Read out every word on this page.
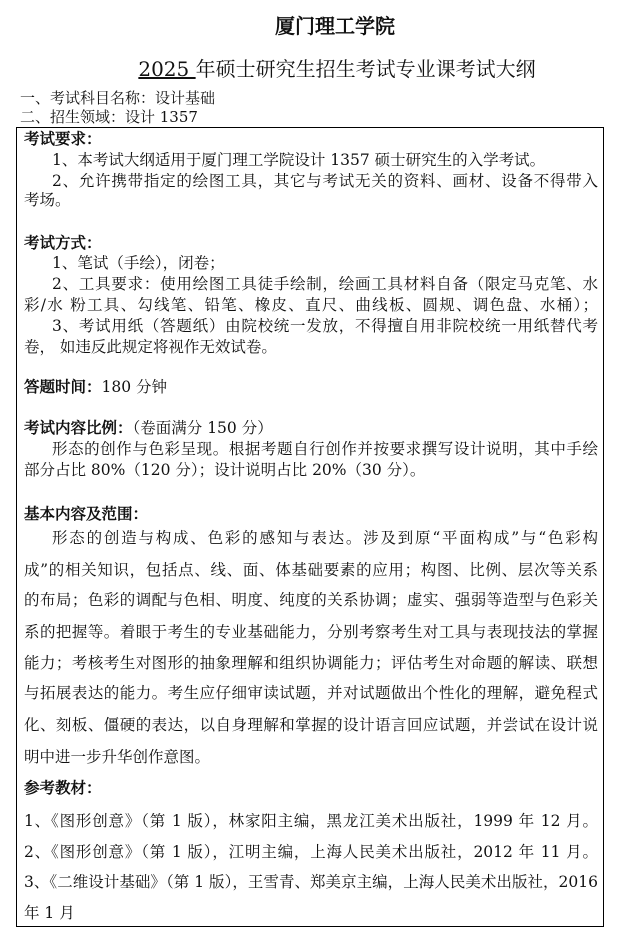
厦门理工学院
2025 年硕士研究生招生考试专业课考试大纲
一、考试科目名称：设计基础
二、招生领域：设计 1357
考试要求：
1、本考试大纲适用于厦门理工学院设计 1357 硕士研究生的入学考试。
2、允许携带指定的绘图工具，其它与考试无关的资料、画材、设备不得带入
考场。
考试方式：
1、笔试（手绘），闭卷；
2、工具要求：使用绘图工具徒手绘制，绘画工具材料自备（限定马克笔、水
彩/水 粉工具、勾线笔、铅笔、橡皮、直尺、曲线板、圆规、调色盘、水桶）；
3、考试用纸（答题纸）由院校统一发放，不得擅自用非院校统一用纸替代考
卷， 如违反此规定将视作无效试卷。
形态的创作与色彩呈现。根据考题自行创作并按要求撰写设计说明，其中手绘
部分占比 80%（120 分）；设计说明占比 20%（30 分）。
基本内容及范围：
形态的创造与构成、色彩的感知与表达。涉及到原“平面构成”与“色彩构
成”的相关知识，包括点、线、面、体基础要素的应用；构图、比例、层次等关系
的布局；色彩的调配与色相、明度、纯度的关系协调；虚实、强弱等造型与色彩关
系的把握等。着眼于考生的专业基础能力，分别考察考生对工具与表现技法的掌握
能力；考核考生对图形的抽象理解和组织协调能力；评估考生对命题的解读、联想
与拓展表达的能力。考生应仔细审读试题，并对试题做出个性化的理解，避免程式
化、刻板、僵硬的表达，以自身理解和掌握的设计语言回应试题，并尝试在设计说
明中进一步升华创作意图。
参考教材：
1、《图形创意》（第 1 版），林家阳主编，黑龙江美术出版社，1999 年 12 月。
2、《图形创意》（第 1 版），江明主编，上海人民美术出版社，2012 年 11 月。
3、《二维设计基础》（第 1 版），王雪青、郑美京主编，上海人民美术出版社，2016
年 1 月
答题时间：180 分钟
考试内容比例：（卷面满分 150 分）
